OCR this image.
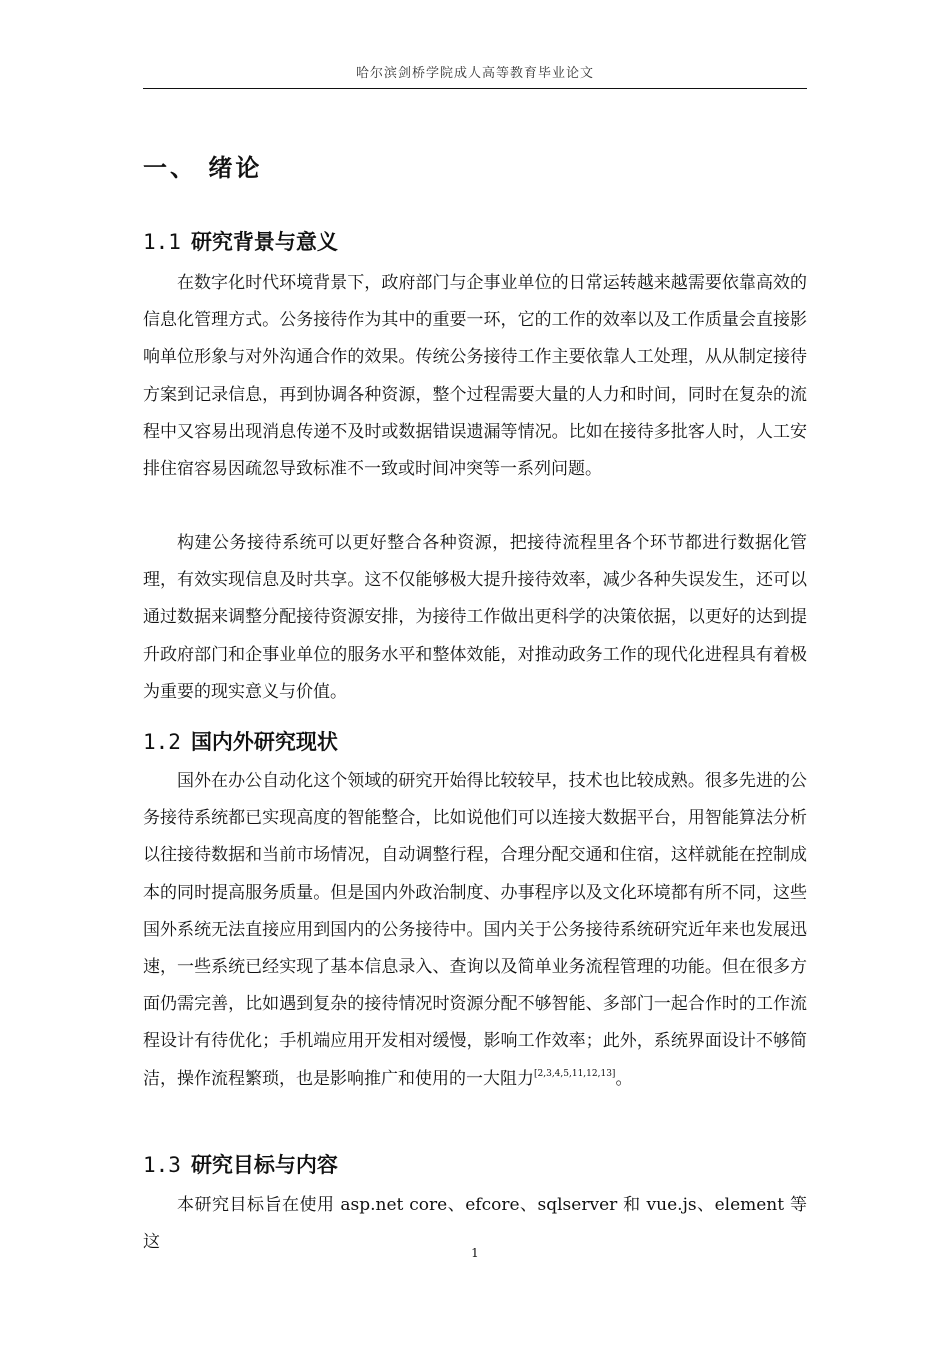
哈尔滨剑桥学院成人高等教育毕业论文
一、 绪论
1.1 研究背景与意义

在数字化时代环境背景下，政府部门与企事业单位的日常运转越来越需要依靠高效的信息化管理方式。公务接待作为其中的重要一环，它的工作的效率以及工作质量会直接影响单位形象与对外沟通合作的效果。传统公务接待工作主要依靠人工处理，从从制定接待方案到记录信息，再到协调各种资源，整个过程需要大量的人力和时间，同时在复杂的流程中又容易出现消息传递不及时或数据错误遗漏等情况。比如在接待多批客人时，人工安排住宿容易因疏忽导致标准不一致或时间冲突等一系列问题。

构建公务接待系统可以更好整合各种资源，把接待流程里各个环节都进行数据化管理，有效实现信息及时共享。这不仅能够极大提升接待效率，减少各种失误发生，还可以通过数据来调整分配接待资源安排，为接待工作做出更科学的决策依据，以更好的达到提升政府部门和企事业单位的服务水平和整体效能，对推动政务工作的现代化进程具有着极为重要的现实意义与价值。

1.2 国内外研究现状

国外在办公自动化这个领域的研究开始得比较较早，技术也比较成熟。很多先进的公务接待系统都已实现高度的智能整合，比如说他们可以连接大数据平台，用智能算法分析以往接待数据和当前市场情况，自动调整行程，合理分配交通和住宿，这样就能在控制成本的同时提高服务质量。但是国内外政治制度、办事程序以及文化环境都有所不同，这些国外系统无法直接应用到国内的公务接待中。国内关于公务接待系统研究近年来也发展迅速，一些系统已经实现了基本信息录入、查询以及简单业务流程管理的功能。但在很多方面仍需完善，比如遇到复杂的接待情况时资源分配不够智能、多部门一起合作时的工作流程设计有待优化；手机端应用开发相对缓慢，影响工作效率；此外，系统界面设计不够简洁，操作流程繁琐，也是影响推广和使用的一大阻力[2,3,4,5,11,12,13]。

1.3 研究目标与内容

本研究目标旨在使用 asp.net core、efcore、sqlserver 和 vue.js、element 等这

1
